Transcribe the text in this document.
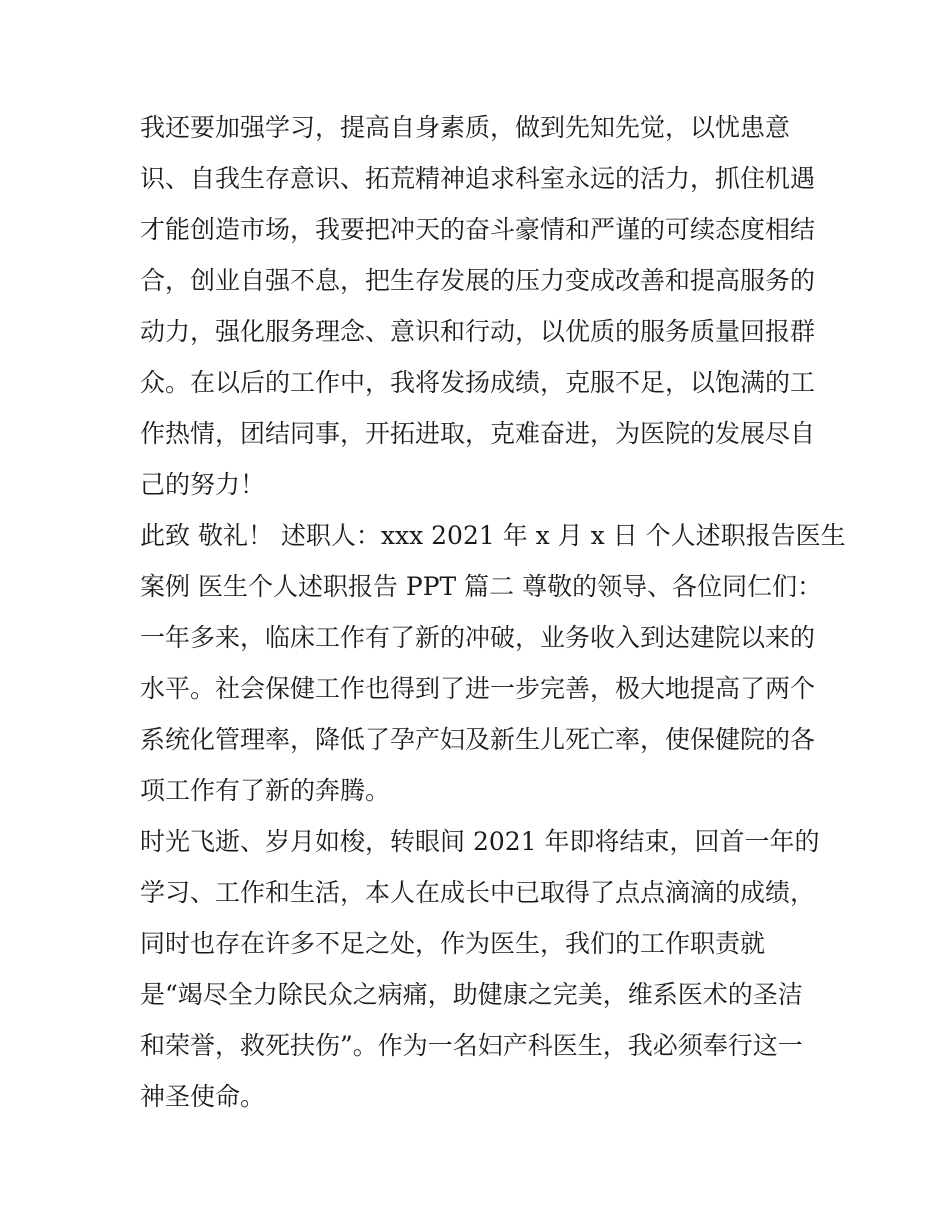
我还要加强学习，提高自身素质，做到先知先觉，以忧患意
识、自我生存意识、拓荒精神追求科室永远的活力，抓住机遇
才能创造市场，我要把冲天的奋斗豪情和严谨的可续态度相结
合，创业自强不息，把生存发展的压力变成改善和提高服务的
动力，强化服务理念、意识和行动，以优质的服务质量回报群
众。在以后的工作中，我将发扬成绩，克服不足，以饱满的工
作热情，团结同事，开拓进取，克难奋进，为医院的发展尽自
己的努力！
此致 敬礼！ 述职人：xxx 2021 年 x 月 x 日 个人述职报告医生
案例 医生个人述职报告 PPT 篇二 尊敬的领导、各位同仁们：
一年多来，临床工作有了新的冲破，业务收入到达建院以来的
水平。社会保健工作也得到了进一步完善，极大地提高了两个
系统化管理率，降低了孕产妇及新生儿死亡率，使保健院的各
项工作有了新的奔腾。
时光飞逝、岁月如梭，转眼间 2021 年即将结束，回首一年的
学习、工作和生活，本人在成长中已取得了点点滴滴的成绩，
同时也存在许多不足之处，作为医生，我们的工作职责就
是“竭尽全力除民众之病痛，助健康之完美，维系医术的圣洁
和荣誉，救死扶伤”。作为一名妇产科医生，我必须奉行这一
神圣使命。
